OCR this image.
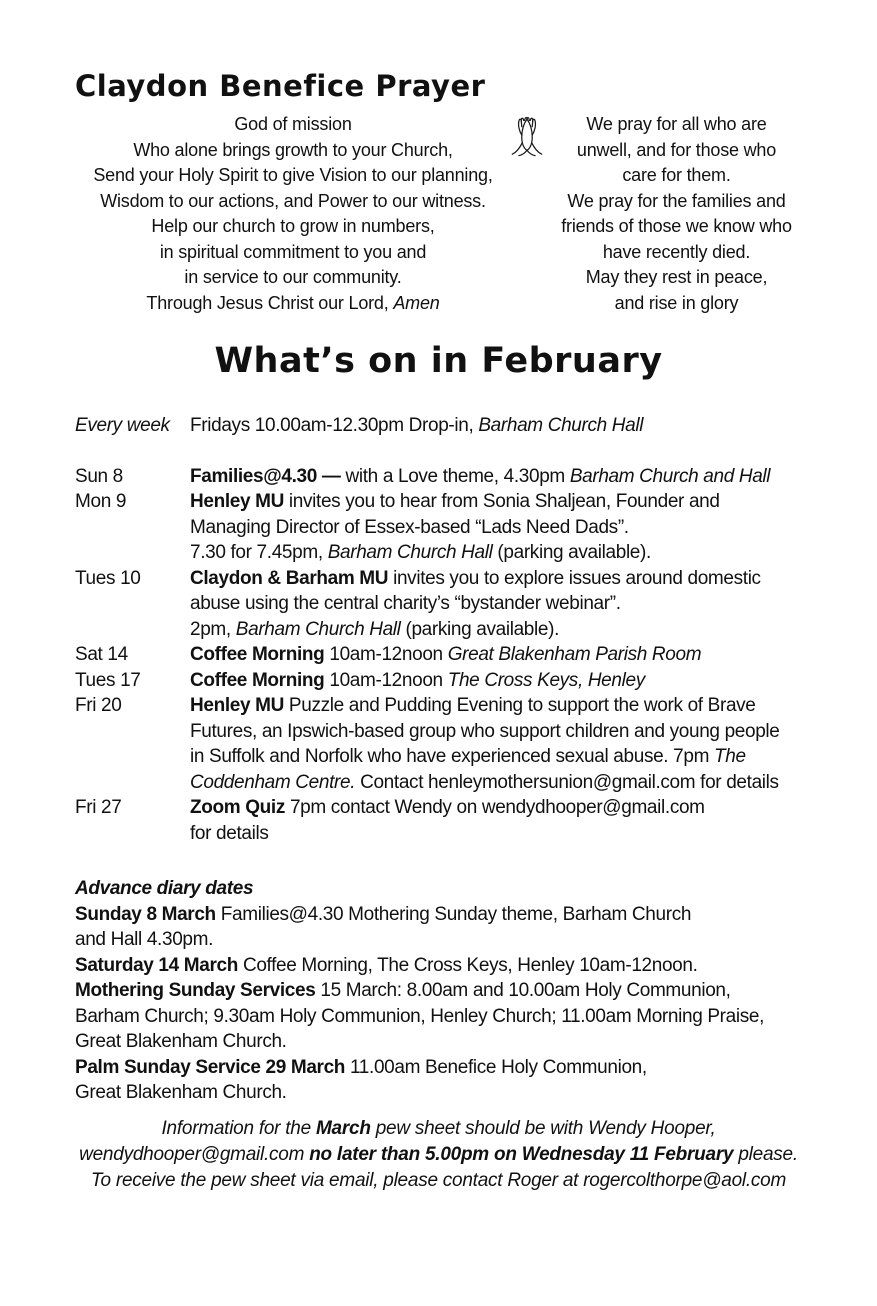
Claydon Benefice Prayer
God of mission
Who alone brings growth to your Church,
Send your Holy Spirit to give Vision to our planning,
Wisdom to our actions, and Power to our witness.
Help our church to grow in numbers,
in spiritual commitment to you and
in service to our community.
Through Jesus Christ our Lord, Amen
We pray for all who are
unwell, and for those who
care for them.
We pray for the families and
friends of those we know who
have recently died.
May they rest in peace,
and rise in glory
What’s on in February
Every week	Fridays 10.00am-12.30pm Drop-in, Barham Church Hall
Sun 8	Families@4.30 — with a Love theme, 4.30pm Barham Church and Hall
Mon 9	Henley MU invites you to hear from Sonia Shaljean, Founder and
Managing Director of Essex-based “Lads Need Dads”.
7.30 for 7.45pm, Barham Church Hall (parking available).
Tues 10	Claydon & Barham MU invites you to explore issues around domestic
abuse using the central charity’s “bystander webinar”.
2pm, Barham Church Hall (parking available).
Sat 14	Coffee Morning 10am-12noon Great Blakenham Parish Room
Tues 17	Coffee Morning 10am-12noon The Cross Keys, Henley
Fri 20	Henley MU Puzzle and Pudding Evening to support the work of Brave
Futures, an Ipswich-based group who support children and young people
in Suffolk and Norfolk who have experienced sexual abuse. 7pm The
Coddenham Centre. Contact henleymothersunion@gmail.com for details
Fri 27	Zoom Quiz 7pm contact Wendy on wendydhooper@gmail.com
for details
Advance diary dates
Sunday 8 March Families@4.30 Mothering Sunday theme, Barham Church
and Hall 4.30pm.
Saturday 14 March Coffee Morning, The Cross Keys, Henley 10am-12noon.
Mothering Sunday Services 15 March: 8.00am and 10.00am Holy Communion,
Barham Church; 9.30am Holy Communion, Henley Church; 11.00am Morning Praise,
Great Blakenham Church.
Palm Sunday Service 29 March 11.00am Benefice Holy Communion,
Great Blakenham Church.
Information for the March pew sheet should be with Wendy Hooper,
wendydhooper@gmail.com no later than 5.00pm on Wednesday 11 February please.
To receive the pew sheet via email, please contact Roger at rogercolthorpe@aol.com
